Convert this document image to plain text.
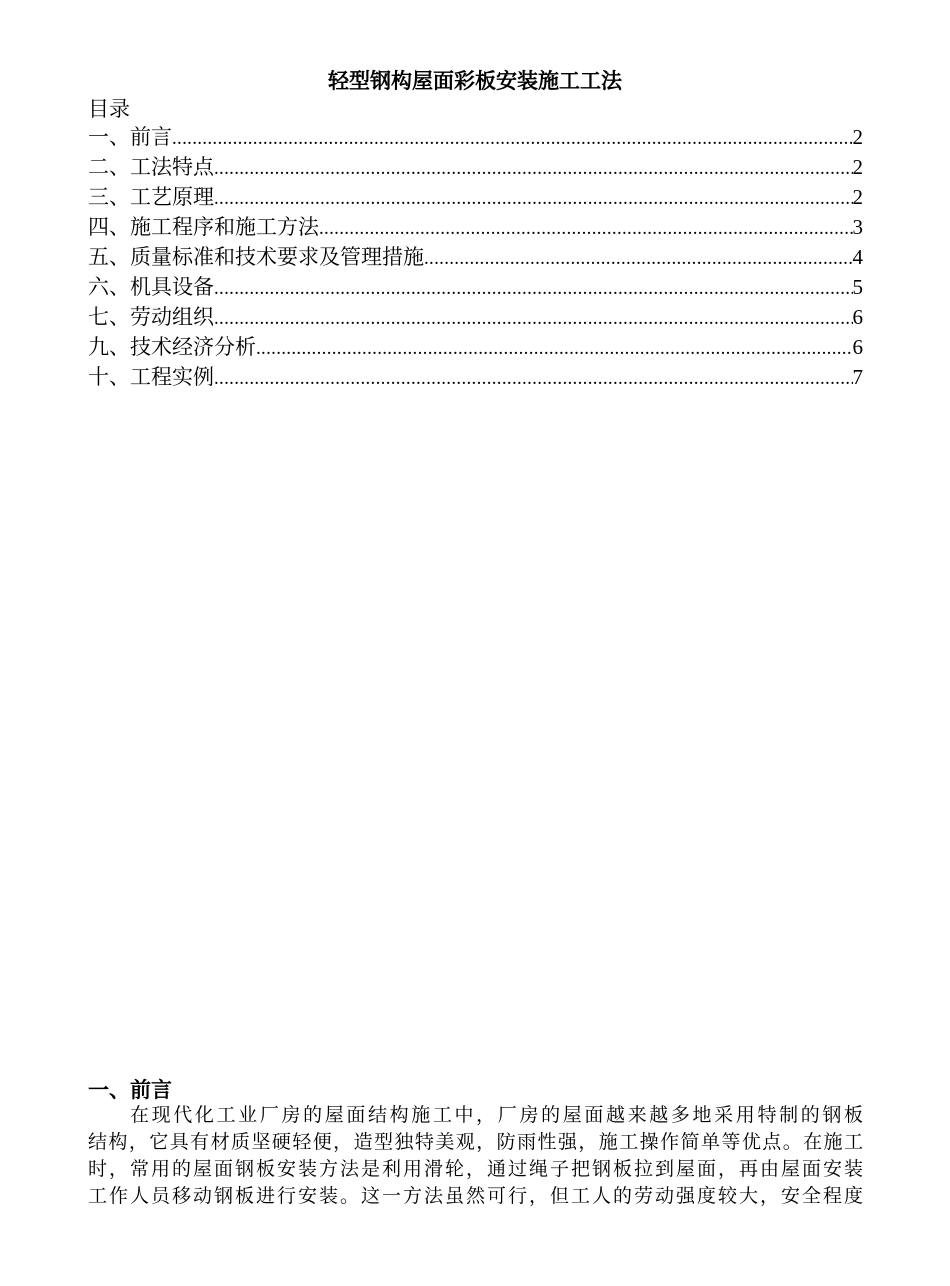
轻型钢构屋面彩板安装施工工法
目录
一、前言 .....	2
二、工法特点 .....	2
三、工艺原理 .....	2
四、施工程序和施工方法 .....	3
五、质量标准和技术要求及管理措施 .....	4
六、机具设备 .....	5
七、劳动组织 .....	6
九、技术经济分析 .....	6
十、工程实例 .....	7
一、前言
在现代化工业厂房的屋面结构施工中，厂房的屋面越来越多地采用特制的钢板
结构，它具有材质坚硬轻便，造型独特美观，防雨性强，施工操作简单等优点。在施工
时，常用的屋面钢板安装方法是利用滑轮，通过绳子把钢板拉到屋面，再由屋面安装
工作人员移动钢板进行安装。这一方法虽然可行，但工人的劳动强度较大，安全程度
